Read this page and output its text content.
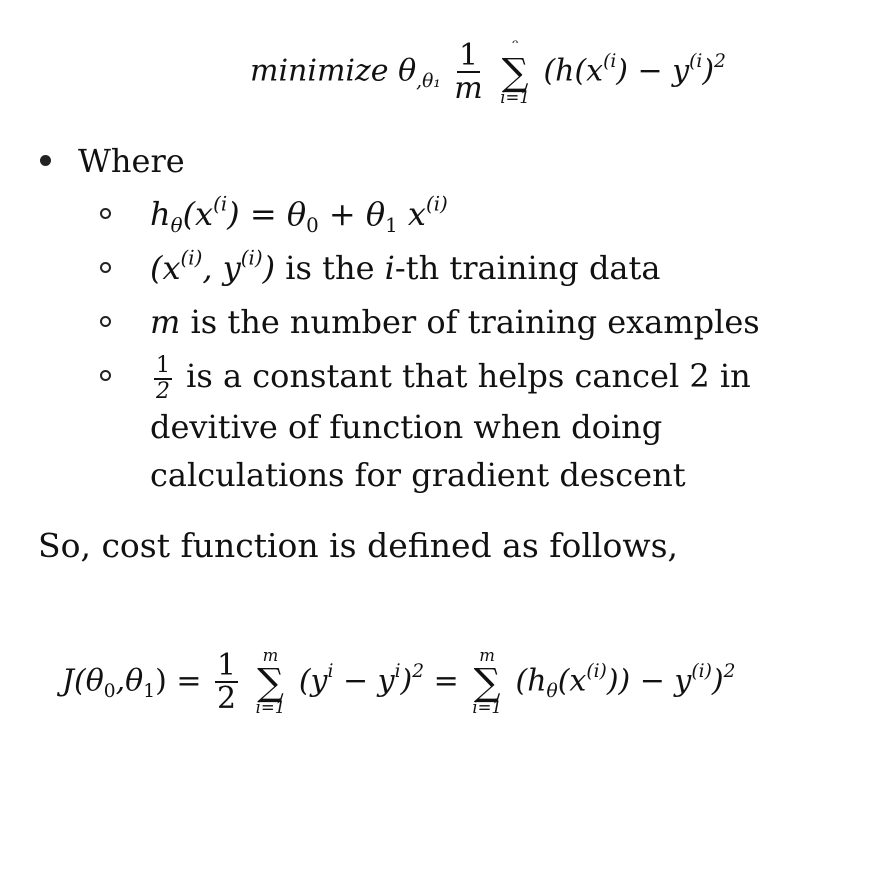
minimize $\theta_{,\theta_1} \frac{1}{m}$
ᵔ
∑
i=1
$(h(x^{(i}) - y^{(i})^2$
Where
$h_\theta(x^{(i}) = \theta_0 + \theta_1$ $x^{(i)}$
($x^{(i)}$, $y^{(i)}$) is the i-th training data
m is the number of training examples
$\frac{1}{2}$ is a constant that helps cancel 2 in devitive of function when doing calculations for gradient descent

So, cost function is defined as follows,

$J(\theta_0,\theta_1) = \frac{1}{2}$
m
∑
i=1
$(y^i - y^i)^2$ =
m
∑
i=1
$(h_\theta(x^{(i)})) - y^{(i)})^2$
